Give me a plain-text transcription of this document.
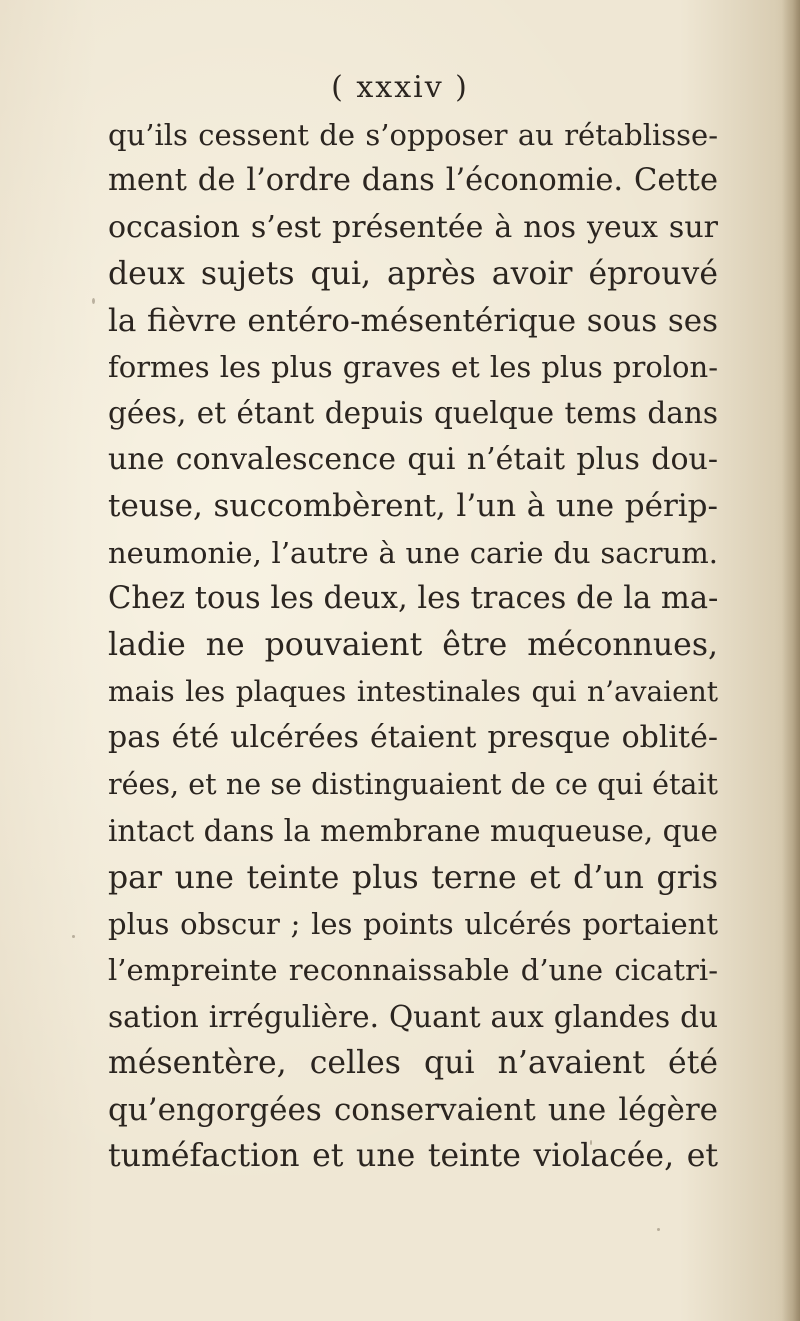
( xxxiv )
qu’ils cessent de s’opposer au rétablisse-
ment de l’ordre dans l’économie. Cette
occasion s’est présentée à nos yeux sur
deux sujets qui, après avoir éprouvé
la fièvre entéro-mésentérique sous ses
formes les plus graves et les plus prolon-
gées, et étant depuis quelque tems dans
une convalescence qui n’était plus dou-
teuse, succombèrent, l’un à une périp-
neumonie, l’autre à une carie du sacrum.
Chez tous les deux, les traces de la ma-
ladie ne pouvaient être méconnues,
mais les plaques intestinales qui n’avaient
pas été ulcérées étaient presque oblité-
rées, et ne se distinguaient de ce qui était
intact dans la membrane muqueuse, que
par une teinte plus terne et d’un gris
plus obscur ; les points ulcérés portaient
l’empreinte reconnaissable d’une cicatri-
sation irrégulière. Quant aux glandes du
mésentère, celles qui n’avaient été
qu’engorgées conservaient une légère
tuméfaction et une teinte violacée, et
